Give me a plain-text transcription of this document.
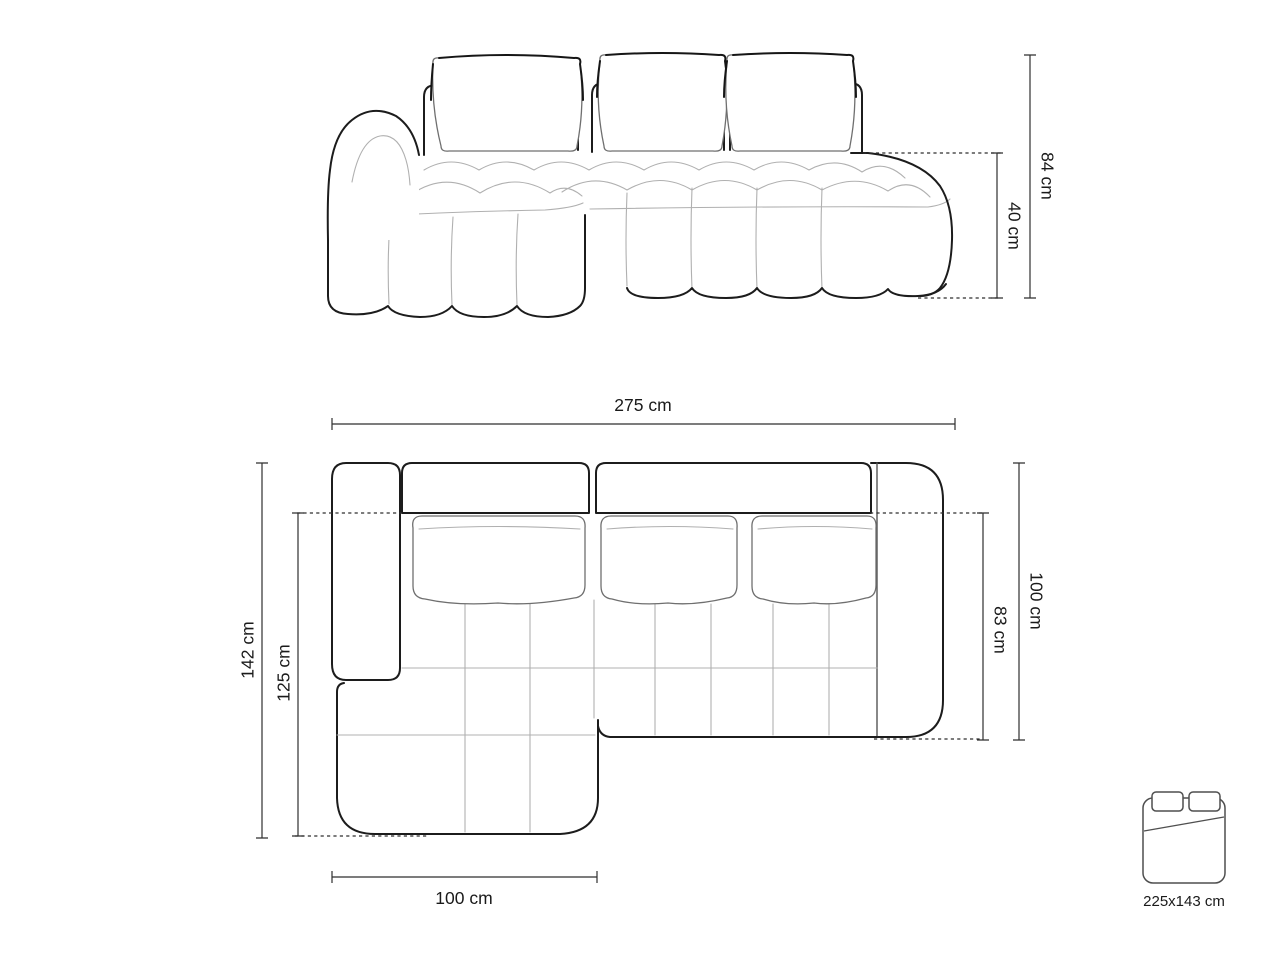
84 cm
40 cm
275 cm
142 cm 125 cm
100 cm
83 cm
100 cm	225x143 cm
